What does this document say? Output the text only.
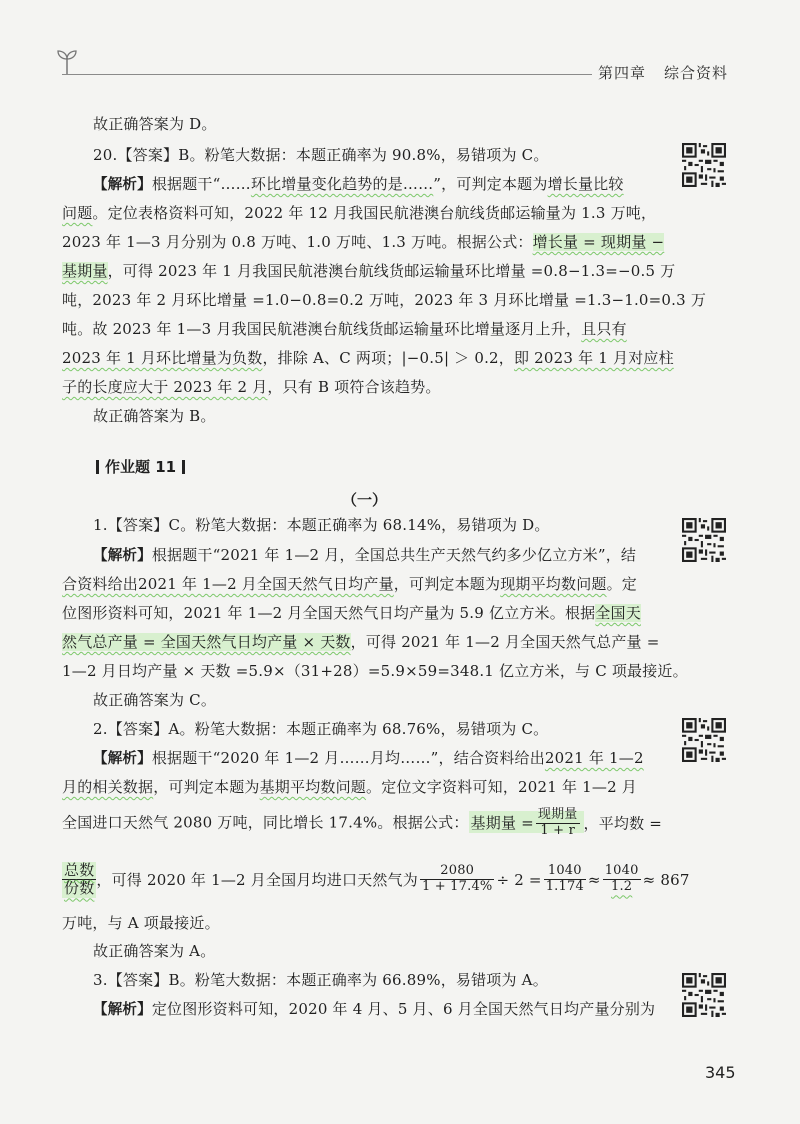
第四章 综合资料
故正确答案为 D。
20.【答案】B。粉笔大数据：本题正确率为 90.8%，易错项为 C。
【解析】根据题干“……环比增量变化趋势的是……”，可判定本题为增长量比较
问题。定位表格资料可知，2022 年 12 月我国民航港澳台航线货邮运输量为 1.3 万吨，
2023 年 1—3 月分别为 0.8 万吨、1.0 万吨、1.3 万吨。根据公式：增长量 = 现期量 −
基期量，可得 2023 年 1 月我国民航港澳台航线货邮运输量环比增量 =0.8−1.3=−0.5 万
吨，2023 年 2 月环比增量 =1.0−0.8=0.2 万吨，2023 年 3 月环比增量 =1.3−1.0=0.3 万
吨。故 2023 年 1—3 月我国民航港澳台航线货邮运输量环比增量逐月上升，且只有
2023 年 1 月环比增量为负数，排除 A、C 两项；|−0.5| ＞ 0.2，即 2023 年 1 月对应柱
子的长度应大于 2023 年 2 月，只有 B 项符合该趋势。
故正确答案为 B。
作业题 11
（一）
1.【答案】C。粉笔大数据：本题正确率为 68.14%，易错项为 D。
【解析】根据题干“2021 年 1—2 月，全国总共生产天然气约多少亿立方米”，结
合资料给出2021 年 1—2 月全国天然气日均产量，可判定本题为现期平均数问题。定
位图形资料可知，2021 年 1—2 月全国天然气日均产量为 5.9 亿立方米。根据全国天
然气总产量 = 全国天然气日均产量 × 天数，可得 2021 年 1—2 月全国天然气总产量 =
1—2 月日均产量 × 天数 =5.9×（31+28）=5.9×59=348.1 亿立方米，与 C 项最接近。
故正确答案为 C。
2.【答案】A。粉笔大数据：本题正确率为 68.76%，易错项为 C。
【解析】根据题干“2020 年 1—2 月……月均……”，结合资料给出2021 年 1—2
月的相关数据，可判定本题为基期平均数问题。定位文字资料可知，2021 年 1—2 月
全国进口天然气 2080 万吨，同比增长 17.4%。根据公式： 基期量 = $\frac{\text{现期量}}{1 + r}$ ，平均数 =
$\frac{\text{总数}}{\text{份数}}$ ，可得 2020 年 1—2 月全国月均进口天然气为 $\frac{2080}{1 + 17.4\%} \div 2 = \frac{1040}{1.174} \approx \frac{1040}{1.2} \approx 867$
万吨，与 A 项最接近。
故正确答案为 A。
3.【答案】B。粉笔大数据：本题正确率为 66.89%，易错项为 A。
【解析】定位图形资料可知，2020 年 4 月、5 月、6 月全国天然气日均产量分别为
345
